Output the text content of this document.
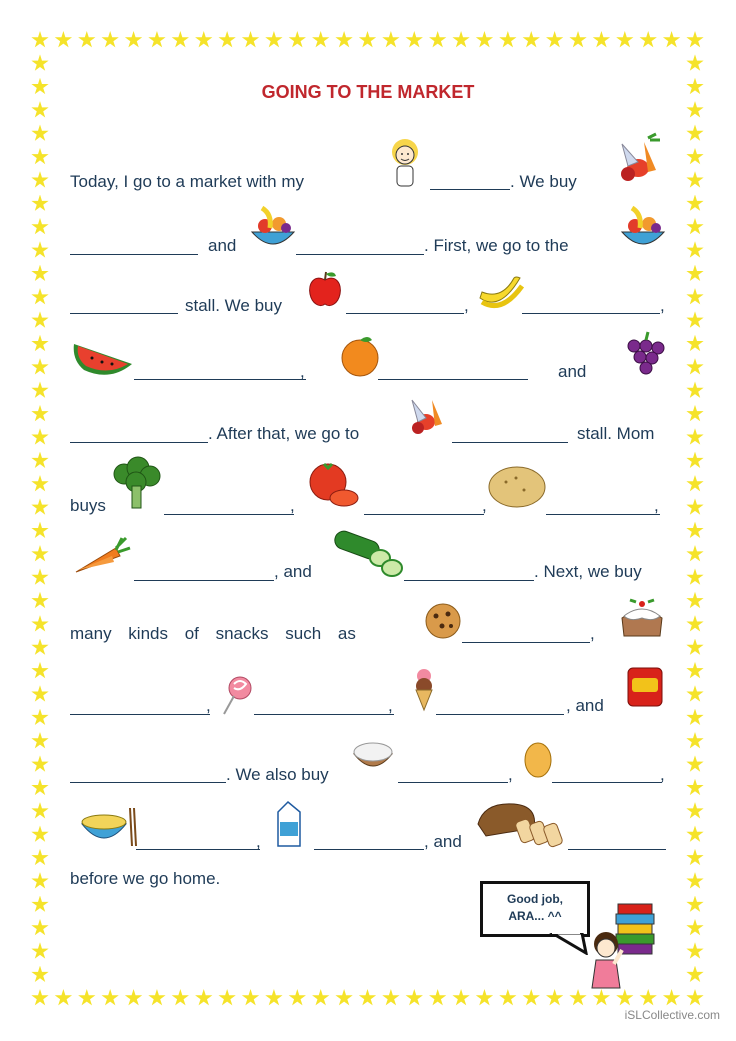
GOING TO THE MARKET
Today, I go to a market with my	. We buy
and	. First, we go to the
stall. We buy	,	,
,	and
. After that, we go to	stall. Mom
buys	,	,	,
, and	. Next, we buy
many kinds of snacks such as	,
,	,	, and
. We also buy	,	,
,	, and
before we go home.
Good job,
ARA... ^^
iSLCollective.com
